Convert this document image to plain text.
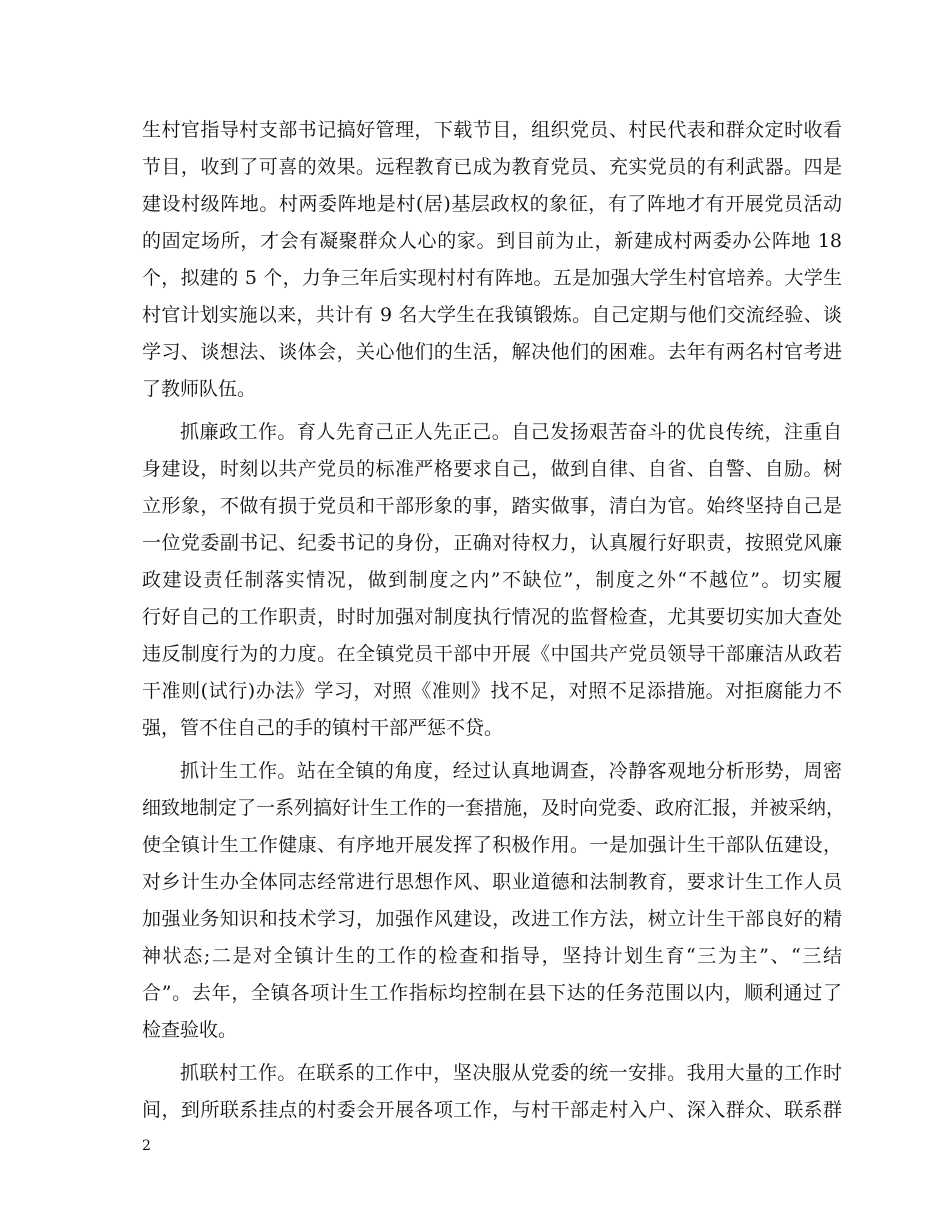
生村官指导村支部书记搞好管理，下载节目，组织党员、村民代表和群众定时收看
节目，收到了可喜的效果。远程教育已成为教育党员、充实党员的有利武器。四是
建设村级阵地。村两委阵地是村(居)基层政权的象征，有了阵地才有开展党员活动
的固定场所，才会有凝聚群众人心的家。到目前为止，新建成村两委办公阵地 18
个，拟建的 5 个，力争三年后实现村村有阵地。五是加强大学生村官培养。大学生
村官计划实施以来，共计有 9 名大学生在我镇锻炼。自己定期与他们交流经验、谈
学习、谈想法、谈体会，关心他们的生活，解决他们的困难。去年有两名村官考进
了教师队伍。
抓廉政工作。育人先育己正人先正己。自己发扬艰苦奋斗的优良传统，注重自
身建设，时刻以共产党员的标准严格要求自己，做到自律、自省、自警、自励。树
立形象，不做有损于党员和干部形象的事，踏实做事，清白为官。始终坚持自己是
一位党委副书记、纪委书记的身份，正确对待权力，认真履行好职责，按照党风廉
政建设责任制落实情况，做到制度之内”不缺位”，制度之外“不越位”。切实履
行好自己的工作职责，时时加强对制度执行情况的监督检查，尤其要切实加大查处
违反制度行为的力度。在全镇党员干部中开展《中国共产党员领导干部廉洁从政若
干准则(试行)办法》学习，对照《准则》找不足，对照不足添措施。对拒腐能力不
强，管不住自己的手的镇村干部严惩不贷。
抓计生工作。站在全镇的角度，经过认真地调查，冷静客观地分析形势，周密
细致地制定了一系列搞好计生工作的一套措施，及时向党委、政府汇报，并被采纳，
使全镇计生工作健康、有序地开展发挥了积极作用。一是加强计生干部队伍建设，
对乡计生办全体同志经常进行思想作风、职业道德和法制教育，要求计生工作人员
加强业务知识和技术学习，加强作风建设，改进工作方法，树立计生干部良好的精
神状态;二是对全镇计生的工作的检查和指导，坚持计划生育“三为主”、“三结
合”。去年，全镇各项计生工作指标均控制在县下达的任务范围以内，顺利通过了
检查验收。
抓联村工作。在联系的工作中，坚决服从党委的统一安排。我用大量的工作时
间，到所联系挂点的村委会开展各项工作，与村干部走村入户、深入群众、联系群
2
